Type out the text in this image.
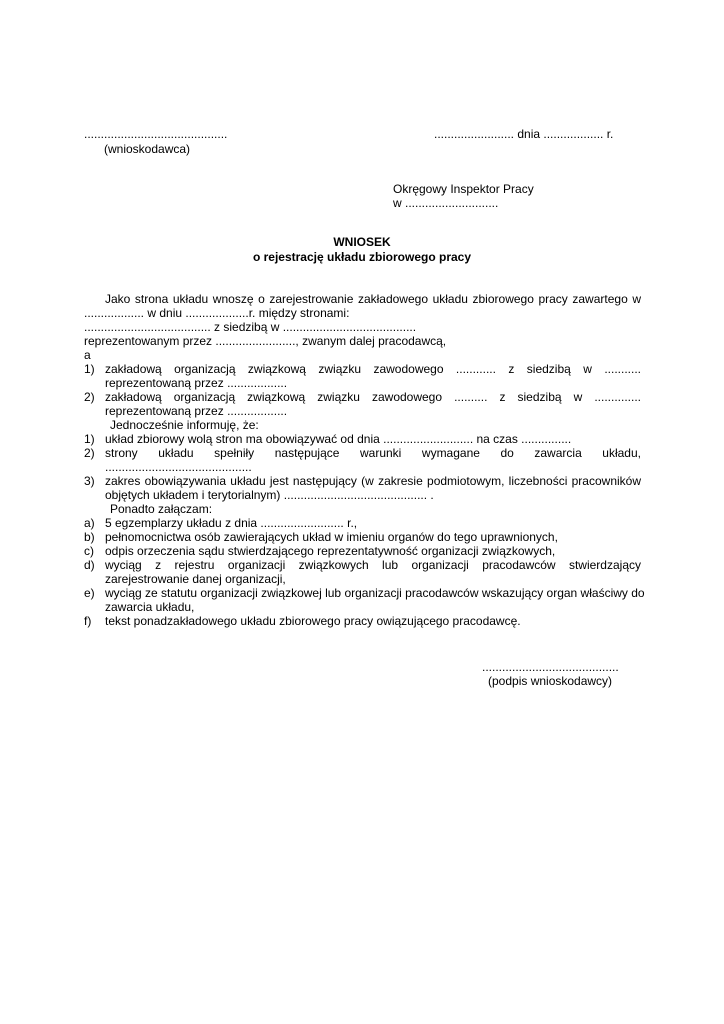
...........................................
(wnioskodawca)
........................ dnia .................. r.
Okręgowy Inspektor Pracy
w ............................
WNIOSEK
o rejestrację układu zbiorowego pracy
Jako strona układu wnoszę o zarejestrowanie zakładowego układu zbiorowego pracy zawartego w
.................. w dniu ...................r. między stronami:
...................................... z siedzibą w ........................................
reprezentowanym przez ........................, zwanym dalej pracodawcą,
a
1) zakładową organizacją związkową związku zawodowego ............ z siedzibą w ...........
reprezentowaną przez ..................
2) zakładową organizacją związkową związku zawodowego .......... z siedzibą w ..............
reprezentowaną przez ..................
Jednocześnie informuję, że:
1) układ zbiorowy wolą stron ma obowiązywać od dnia ........................... na czas ...............
2) strony układu spełniły następujące warunki wymagane do zawarcia układu,
............................................
3) zakres obowiązywania układu jest następujący (w zakresie podmiotowym, liczebności pracowników
objętych układem i terytorialnym) ........................................... .
Ponadto załączam:
a) 5 egzemplarzy układu z dnia ......................... r.,
b) pełnomocnictwa osób zawierających układ w imieniu organów do tego uprawnionych,
c) odpis orzeczenia sądu stwierdzającego reprezentatywność organizacji związkowych,
d) wyciąg z rejestru organizacji związkowych lub organizacji pracodawców stwierdzający
zarejestrowanie danej organizacji,
e) wyciąg ze statutu organizacji związkowej lub organizacji pracodawców wskazujący organ właściwy do
zawarcia układu,
f) tekst ponadzakładowego układu zbiorowego pracy owiązującego pracodawcę.
.........................................
(podpis wnioskodawcy)
